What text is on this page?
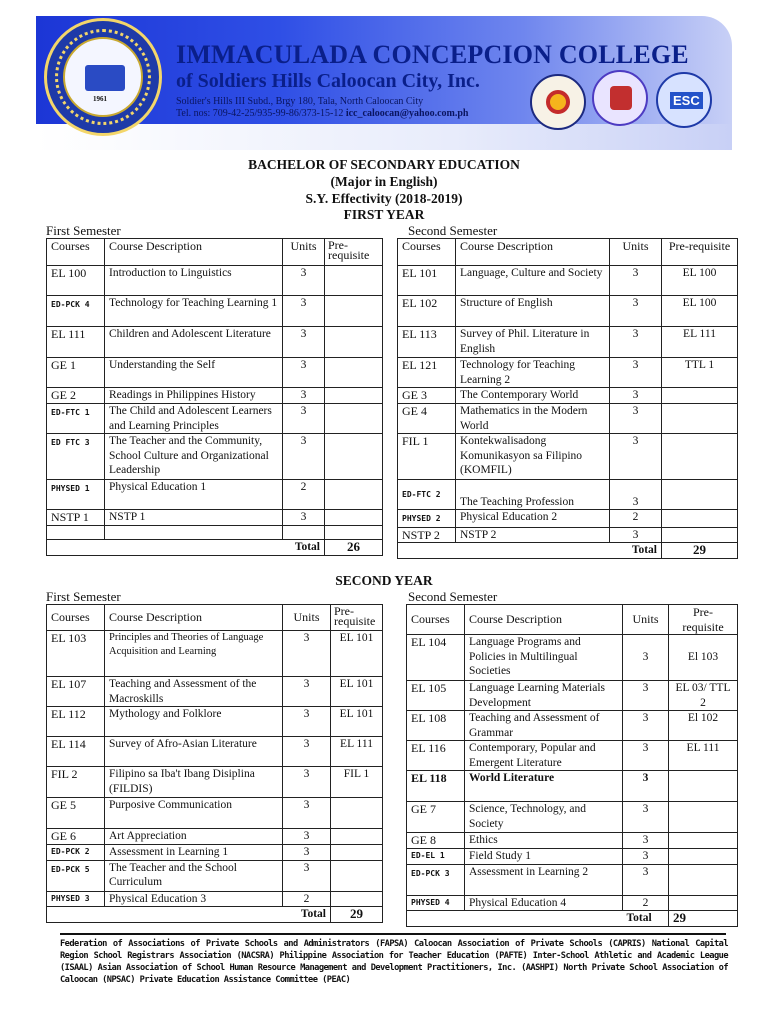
1961
IMMACULADA CONCEPCION COLLEGE
of Soldiers Hills Caloocan City, Inc.
Soldier's Hills III Subd., Brgy 180, Tala, North Caloocan City
Tel. nos: 709-42-25/935-99-86/373-15-12 icc_caloocan@yahoo.com.ph
ESC
BACHELOR OF SECONDARY EDUCATION
(Major in English)
S.Y. Effectivity (2018-2019)
FIRST YEAR
First Semester	Second Semester
Courses	Course Description	Units	Pre-
requisite
EL 100	Introduction to Linguistics	3	
ED-PCK 4	Technology for Teaching Learning 1	3	
EL 111	Children and Adolescent Literature	3	
GE 1	Understanding the Self	3	
GE 2	Readings in Philippines History	3	
ED-FTC 1	The Child and Adolescent Learners and Learning Principles	3	
ED FTC 3	The Teacher and the Community, School Culture and Organizational Leadership	3	
PHYSED 1	Physical Education 1	2	
NSTP 1	NSTP 1	3	

		Total	26
Courses	Course Description	Units	Pre-requisite
EL 101	Language, Culture and Society	3	EL 100
EL 102	Structure of English	3	EL 100
EL 113	Survey of Phil. Literature in English	3	EL 111
EL 121	Technology for Teaching Learning 2	3	TTL 1
GE 3	The Contemporary World	3	
GE 4	Mathematics in the Modern World	3	
FIL 1	Kontekwalisadong Komunikasyon sa Filipino (KOMFIL)	3	
ED-FTC 2	The Teaching Profession	3	
PHYSED 2	Physical Education 2	2	
NSTP 2	NSTP 2	3	
		Total	29
SECOND YEAR
First Semester	Second Semester
Courses	Course Description	Units	Pre-
requisite
EL 103	Principles and Theories of Language Acquisition and Learning	3	EL 101
EL 107	Teaching and Assessment of the Macroskills	3	EL 101
EL 112	Mythology and Folklore	3	EL 101
EL 114	Survey of Afro-Asian Literature	3	EL 111
FIL 2	Filipino sa Iba't Ibang Disiplina (FILDIS)	3	FIL 1
GE 5	Purposive Communication	3	
GE 6	Art Appreciation	3	
ED-PCK 2	Assessment in Learning 1	3	
ED-PCK 5	The Teacher and the School Curriculum	3	
PHYSED 3	Physical Education 3	2	
		Total	29
Courses	Course Description	Units	Pre-requisite
EL 104	Language Programs and Policies in Multilingual Societies	3	El 103
EL 105	Language Learning Materials Development	3	EL 03/ TTL 2
EL 108	Teaching and Assessment of Grammar	3	El 102
EL 116	Contemporary, Popular and Emergent Literature	3	EL 111
EL 118	World Literature	3	
GE 7	Science, Technology, and Society	3	
GE 8	Ethics	3	
ED-EL 1	Field Study 1	3	
ED-PCK 3	Assessment in Learning 2	3	
PHYSED 4	Physical Education 4	2	
		Total	29
Federation of Associations of Private Schools and Administrators (FAPSA) Caloocan Association of Private Schools (CAPRIS) National Capital Region School Registrars Association (NACSRA) Philippine Association for Teacher Education (PAFTE) Inter-School Athletic and Academic League (ISAAL) Asian Association of School Human Resource Management and Development Practitioners, Inc. (AASHPI) North Private School Association of Caloocan (NPSAC) Private Education Assistance Committee (PEAC)
